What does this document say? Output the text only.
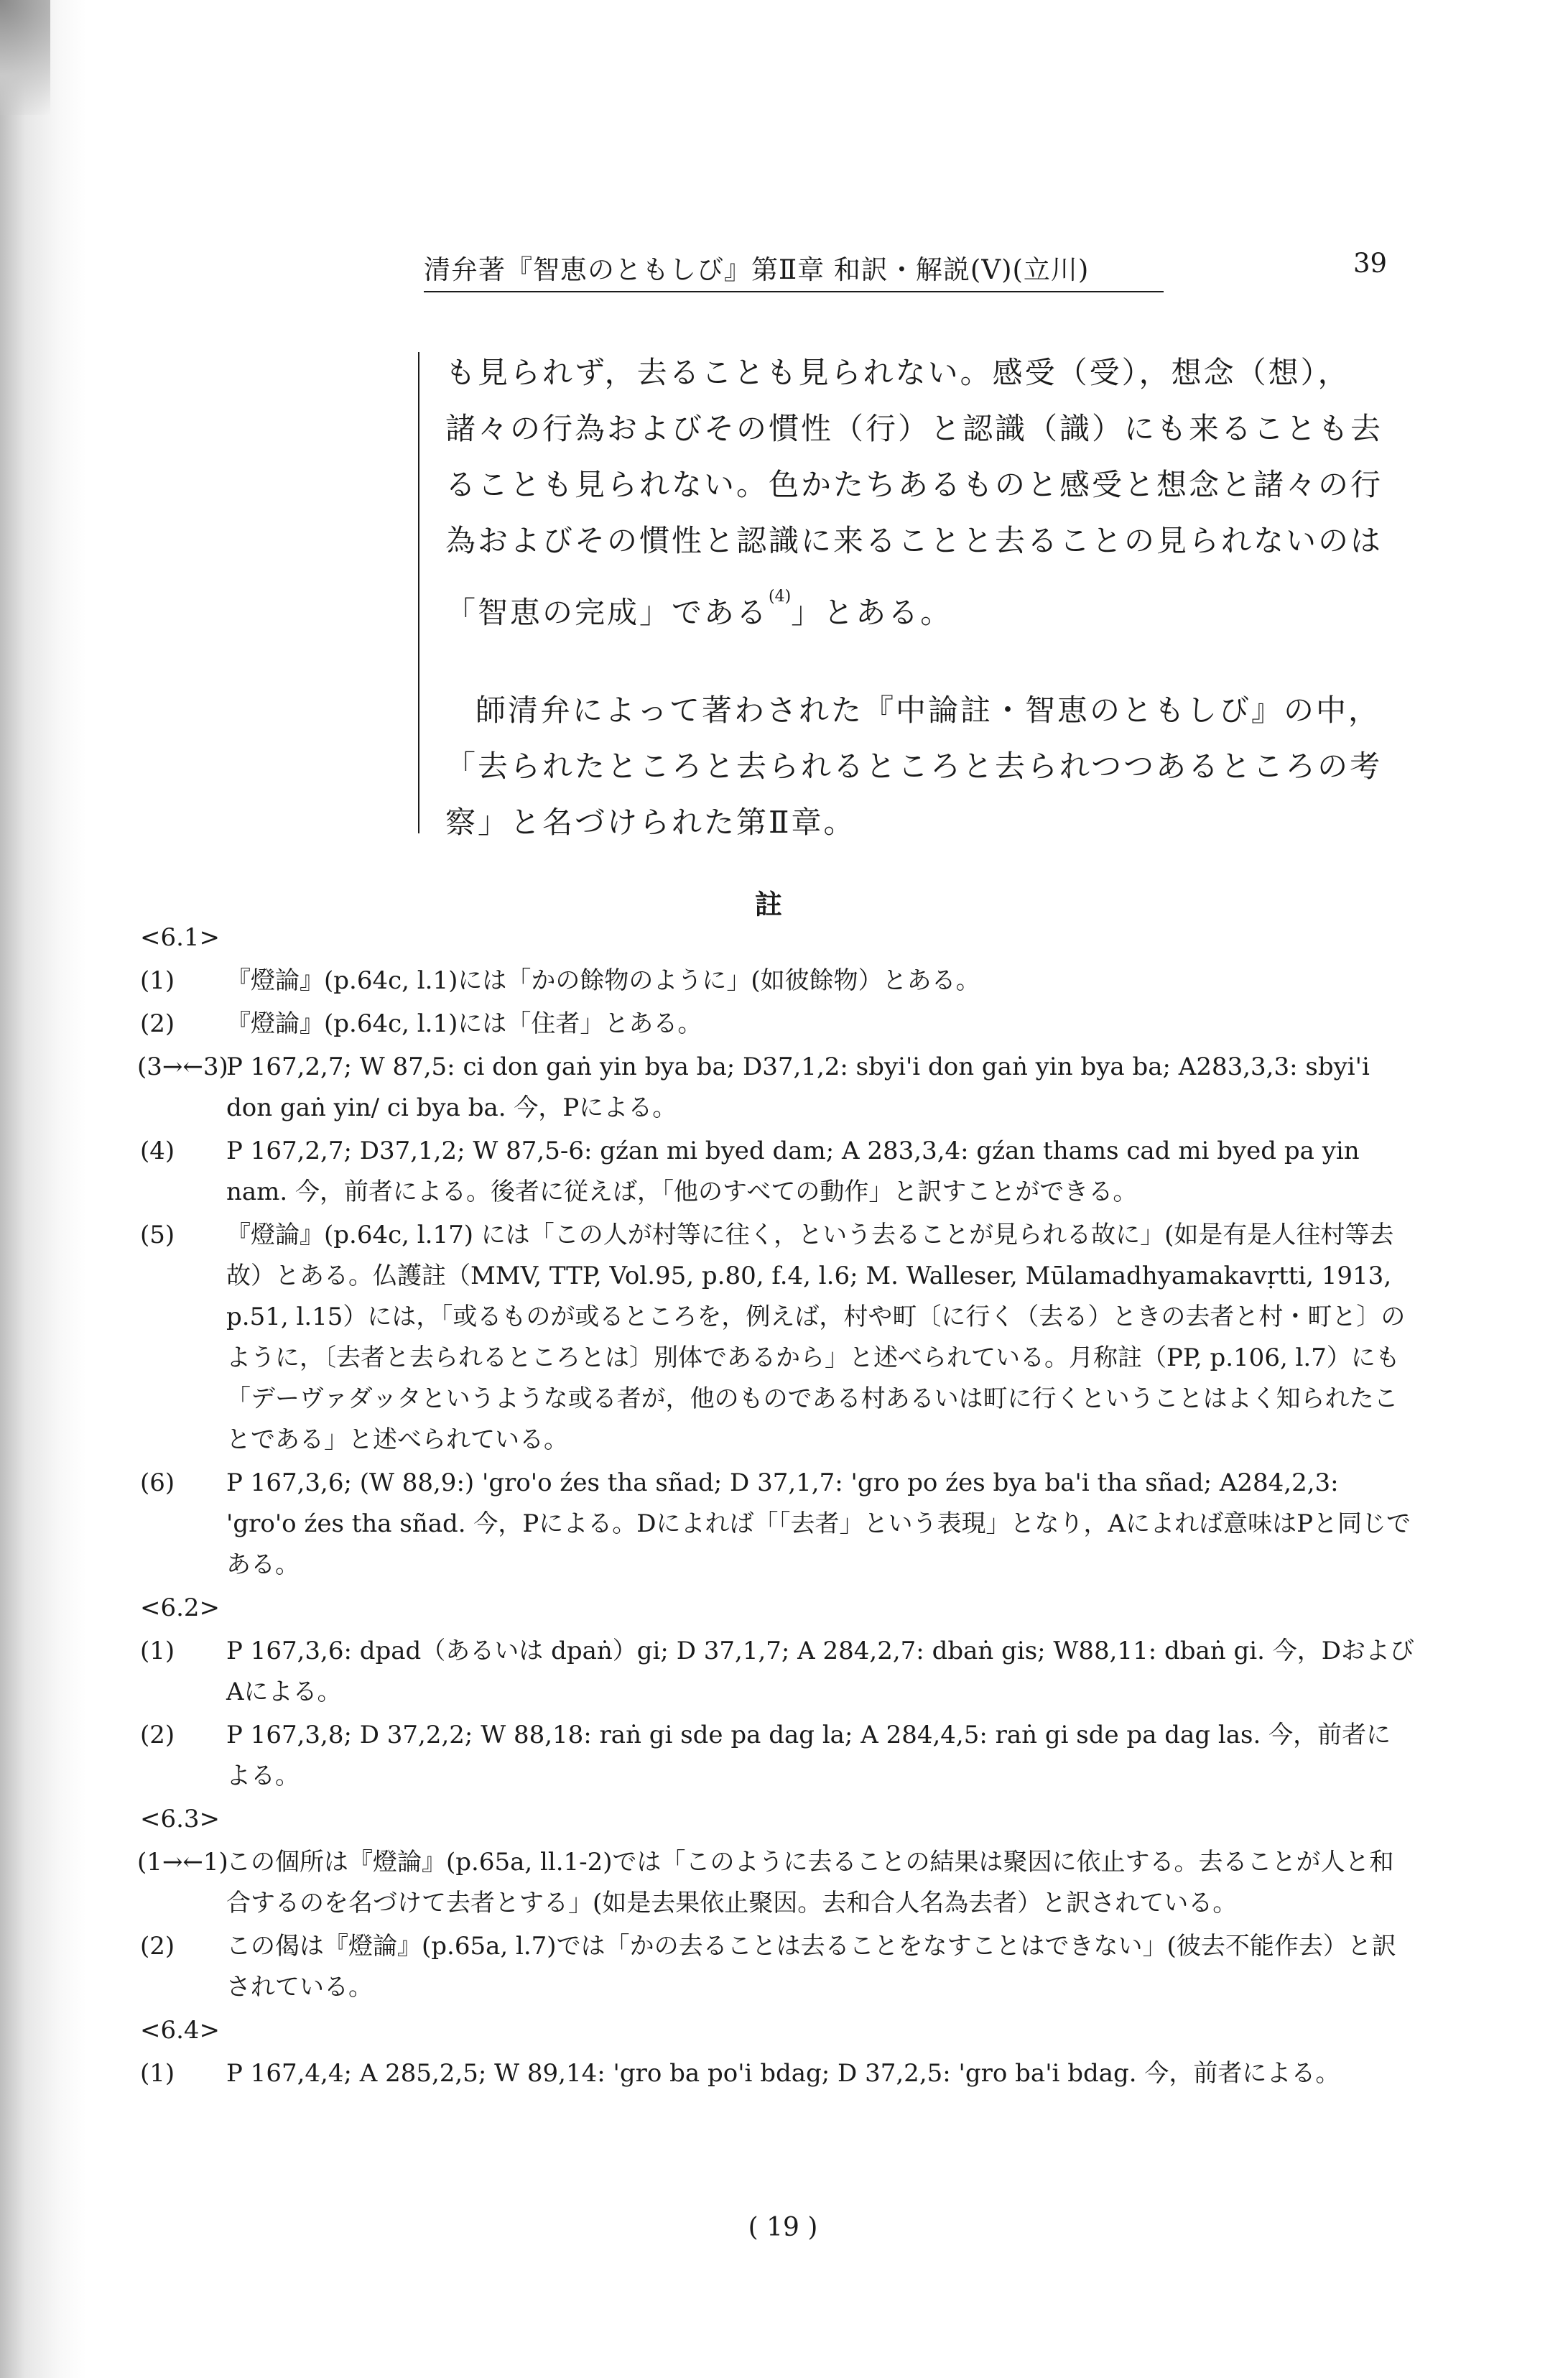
清弁著『智恵のともしび』第Ⅱ章 和訳・解説(Ⅴ)(立川)	39

も見られず，去ることも見られない。感受（受），想念（想），諸々の行為およびその慣性（行）と認識（識）にも来ることも去ることも見られない。色かたちあるものと感受と想念と諸々の行為およびその慣性と認識に来ることと去ることの見られないのは「智恵の完成」である$^{(4)}$」とある。

師清弁によって著わされた『中論註・智恵のともしび』の中，「去られたところと去られるところと去られつつあるところの考察」と名づけられた第Ⅱ章。

註
<6.1>
(1) 『燈論』(p.64c, l.1)には「かの餘物のように」(如彼餘物）とある。
(2) 『燈論』(p.64c, l.1)には「住者」とある。
(3→←3)
P 167,2,7; W 87,5: ci don gaṅ yin bya ba; D37,1,2: sbyi'i don gaṅ yin bya ba; A283,3,3: sbyi'i don gaṅ yin/ ci bya ba. 今，Pによる。
(4) P 167,2,7; D37,1,2; W 87,5-6: gźan mi byed dam; A 283,3,4: gźan thams cad mi byed pa yin nam. 今，前者による。後者に従えば，「他のすべての動作」と訳すことができる。
(5) 『燈論』(p.64c, l.17) には「この人が村等に往く，という去ることが見られる故に」(如是有是人往村等去故）とある。仏護註（MMV, TTP, Vol.95, p.80, f.4, l.6; M. Walleser, Mūlamadhyamakavṛtti, 1913, p.51, l.15）には，「或るものが或るところを，例えば，村や町〔に行く（去る）ときの去者と村・町と〕のように，〔去者と去られるところとは〕別体であるから」と述べられている。月称註（PP, p.106, l.7）にも「デーヴァダッタというような或る者が，他のものである村あるいは町に行くということはよく知られたことである」と述べられている。
(6) P 167,3,6; (W 88,9:) 'gro'o źes tha sñad; D 37,1,7: 'gro po źes bya ba'i tha sñad; A284,2,3: 'gro'o źes tha sñad. 今，Pによる。Dによれば「「去者」という表現」となり，Aによれば意味はPと同じである。
<6.2>
(1) P 167,3,6: dpad（あるいは dpaṅ）gi; D 37,1,7; A 284,2,7: dbaṅ gis; W88,11: dbaṅ gi. 今，DおよびAによる。
(2) P 167,3,8; D 37,2,2; W 88,18: raṅ gi sde pa dag la; A 284,4,5: raṅ gi sde pa dag las. 今，前者による。
<6.3>
(1→←1)
この個所は『燈論』(p.65a, ll.1-2)では「このように去ることの結果は聚因に依止する。去ることが人と和合するのを名づけて去者とする」(如是去果依止聚因。去和合人名為去者）と訳されている。
(2) この偈は『燈論』(p.65a, l.7)では「かの去ることは去ることをなすことはできない」(彼去不能作去）と訳されている。
<6.4>
(1) P 167,4,4; A 285,2,5; W 89,14: 'gro ba po'i bdag; D 37,2,5: 'gro ba'i bdag. 今，前者による。
( 19 )
